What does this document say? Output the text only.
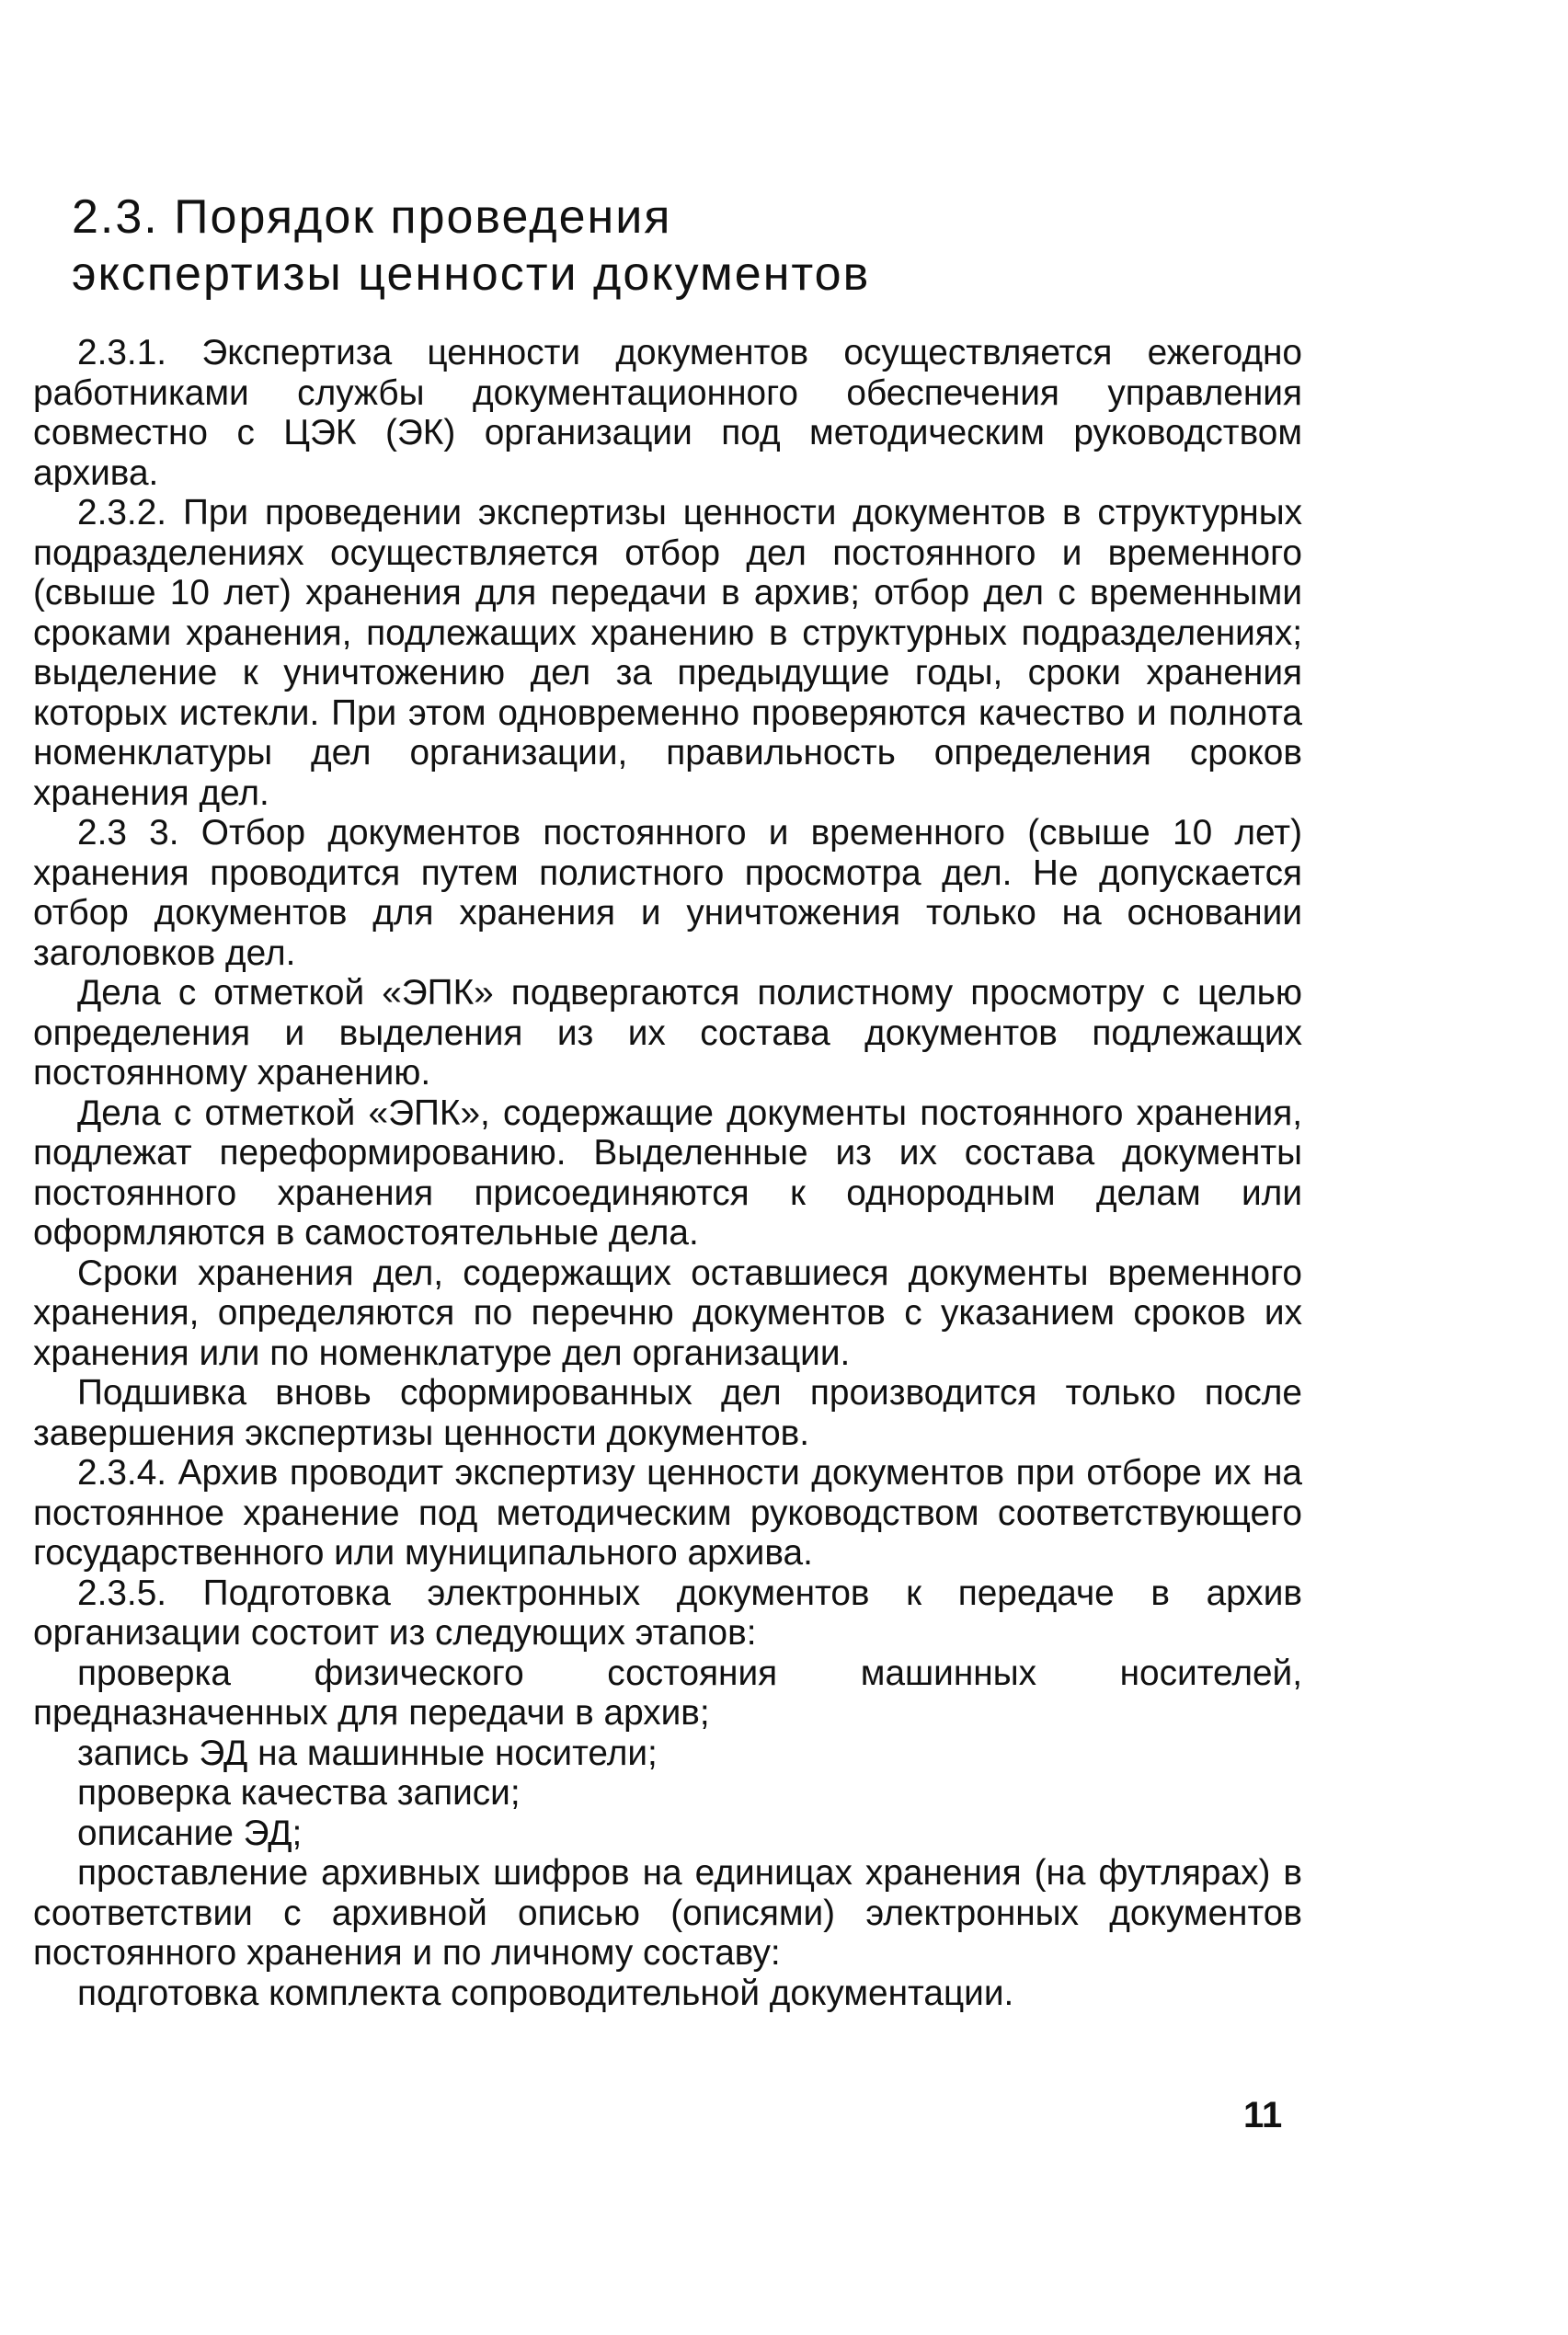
2.3. Порядок проведения
экспертизы ценности документов

2.3.1. Экспертиза ценности документов осуществляется ежегодно работниками службы документационного обеспечения управления совместно с ЦЭК (ЭК) организации под методическим руководством архива.

2.3.2. При проведении экспертизы ценности документов в структурных подразделениях осуществляется отбор дел постоянного и временного (свыше 10 лет) хранения для передачи в архив; отбор дел с временными сроками хранения, подлежащих хранению в структурных подразделениях; выделение к уничтожению дел за предыдущие годы, сроки хранения которых истекли. При этом одновременно проверяются качество и полнота номенклатуры дел организации, правильность определения сроков хранения дел.

2.3 3. Отбор документов постоянного и временного (свыше 10 лет) хранения проводится путем полистного просмотра дел. Не допускается отбор документов для хранения и уничтожения только на основании заголовков дел.

Дела с отметкой «ЭПК» подвергаются полистному просмотру с целью определения и выделения из их состава документов подлежащих постоянному хранению.

Дела с отметкой «ЭПК», содержащие документы постоянного хранения, подлежат переформированию. Выделенные из их состава документы постоянного хранения присоединяются к однородным делам или оформляются в самостоятельные дела.

Сроки хранения дел, содержащих оставшиеся документы временного хранения, определяются по перечню документов с указанием сроков их хранения или по номенклатуре дел организации.

Подшивка вновь сформированных дел производится только после завершения экспертизы ценности документов.

2.3.4. Архив проводит экспертизу ценности документов при отборе их на постоянное хранение под методическим руководством соответствующего государственного или муниципального архива.

2.3.5. Подготовка электронных документов к передаче в архив организации состоит из следующих этапов:

проверка физического состояния машинных носителей, предназначенных для передачи в архив;

запись ЭД на машинные носители;

проверка качества записи;

описание ЭД;

проставление архивных шифров на единицах хранения (на футлярах) в соответствии с архивной описью (описями) электронных документов постоянного хранения и по личному составу:

подготовка комплекта сопроводительной документации.

11
